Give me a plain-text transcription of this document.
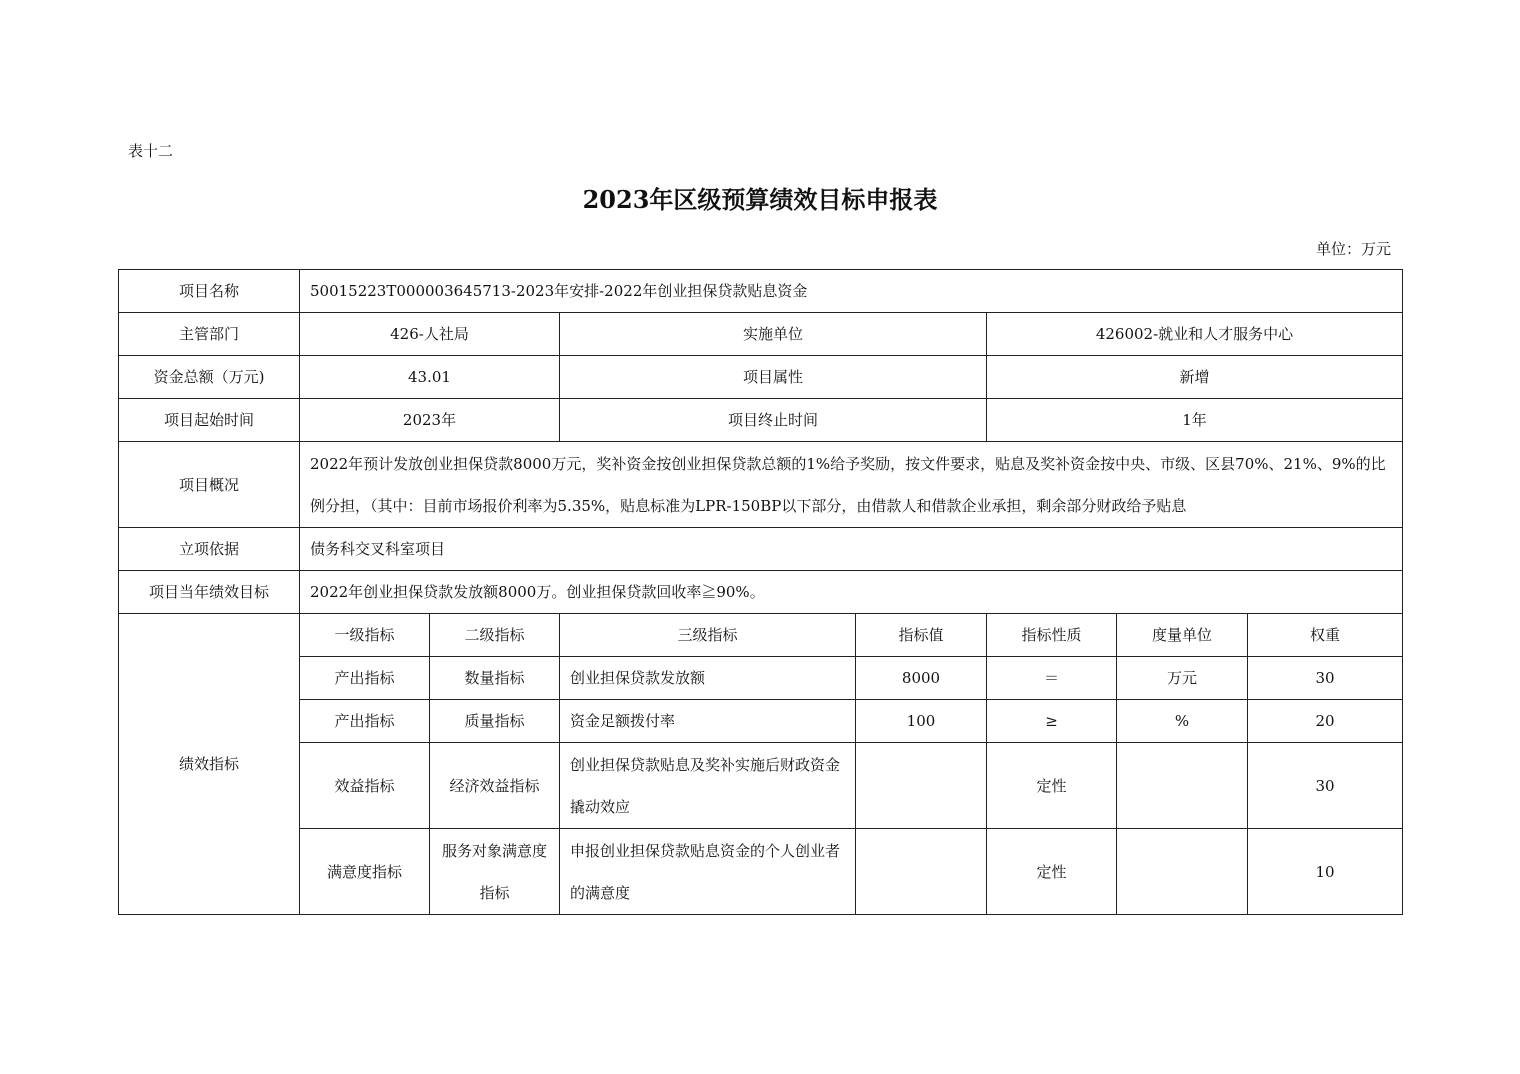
表十二
2023年区级预算绩效目标申报表
单位：万元
项目名称	50015223T000003645713-2023年安排-2022年创业担保贷款贴息资金						
主管部门	426-人社局		实施单位		426002-就业和人才服务中心		
资金总额（万元)	43.01		项目属性		新增		
项目起始时间	2023年		项目终止时间		1年		
项目概况	2022年预计发放创业担保贷款8000万元，奖补资金按创业担保贷款总额的1%给予奖励，按文件要求，贴息及奖补资金按中央、市级、区县70%、21%、9%的比例分担，（其中：目前市场报价利率为5.35%，贴息标准为LPR-150BP以下部分，由借款人和借款企业承担，剩余部分财政给予贴息						
立项依据	债务科交叉科室项目						
项目当年绩效目标	2022年创业担保贷款发放额8000万。创业担保贷款回收率≧90%。						
绩效指标	一级指标	二级指标	三级指标	指标值	指标性质	度量单位	权重
	产出指标	数量指标	创业担保贷款发放额	8000	＝	万元	30
	产出指标	质量指标	资金足额拨付率	100	≥	%	20
	效益指标	经济效益指标	创业担保贷款贴息及奖补实施后财政资金撬动效应		定性		30
	满意度指标	服务对象满意度指标	申报创业担保贷款贴息资金的个人创业者的满意度		定性		10
